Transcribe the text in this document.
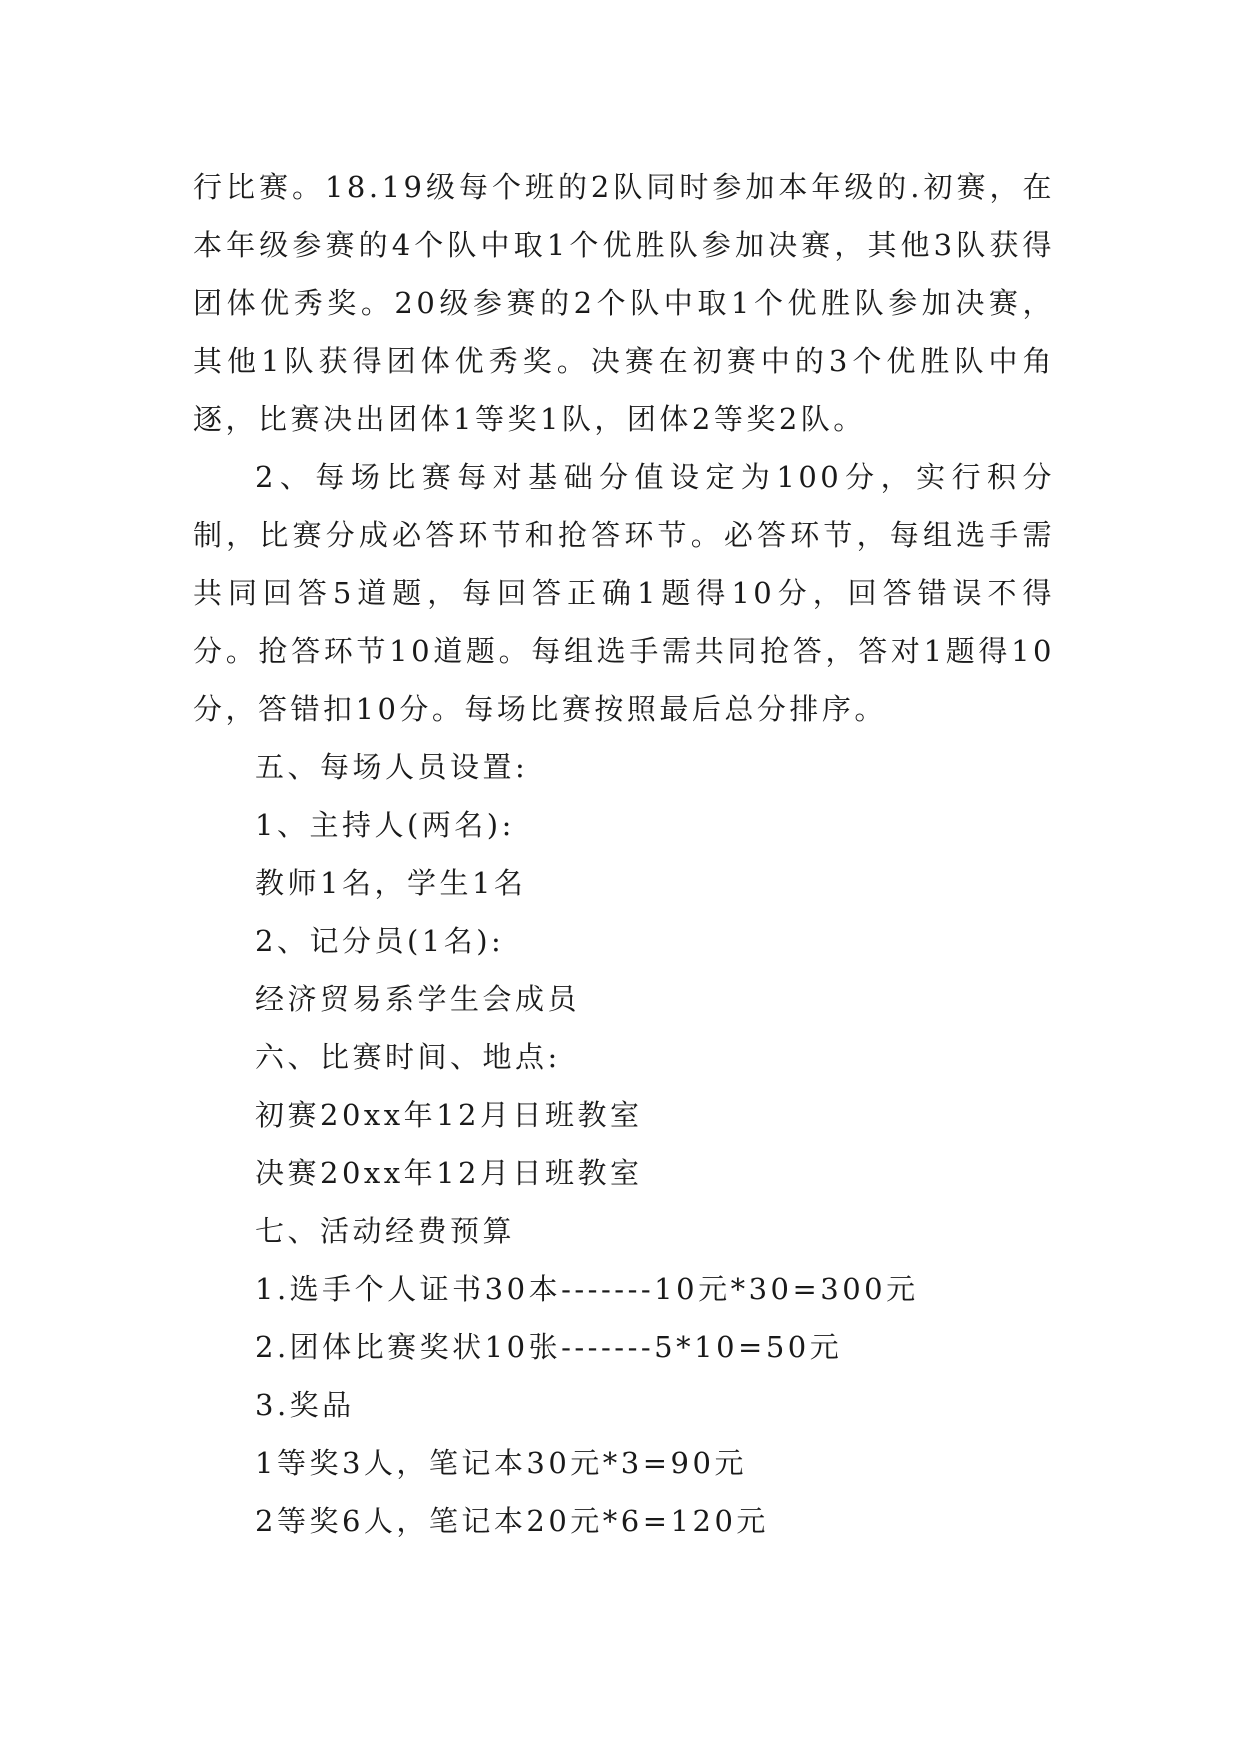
行比赛。18.19级每个班的2队同时参加本年级的.初赛，在本年级参赛的4个队中取1个优胜队参加决赛，其他3队获得团体优秀奖。20级参赛的2个队中取1个优胜队参加决赛，其他1队获得团体优秀奖。决赛在初赛中的3个优胜队中角逐，比赛决出团体1等奖1队，团体2等奖2队。

2、每场比赛每对基础分值设定为100分，实行积分制，比赛分成必答环节和抢答环节。必答环节，每组选手需共同回答5道题，每回答正确1题得10分，回答错误不得分。抢答环节10道题。每组选手需共同抢答，答对1题得10分，答错扣10分。每场比赛按照最后总分排序。

五、每场人员设置:

1、主持人(两名):

教师1名，学生1名

2、记分员(1名):

经济贸易系学生会成员

六、比赛时间、地点:

初赛20xx年12月日班教室

决赛20xx年12月日班教室

七、活动经费预算

1.选手个人证书30本-------10元*30=300元

2.团体比赛奖状10张-------5*10=50元

3.奖品

1等奖3人，笔记本30元*3=90元

2等奖6人，笔记本20元*6=120元
